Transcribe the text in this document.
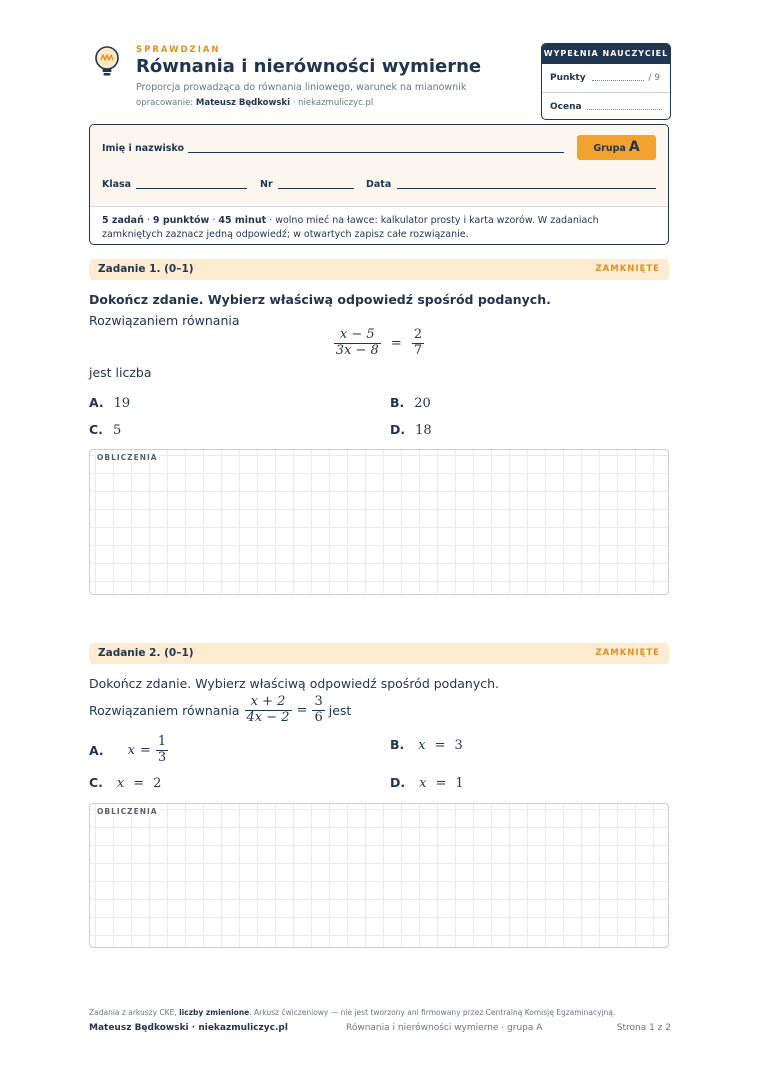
SPRAWDZIAN
Równania i nierówności wymierne
Proporcja prowadząca do równania liniowego, warunek na mianownik
opracowanie: Mateusz Będkowski · niekazmuliczyc.pl
WYPEŁNIA NAUCZYCIEL
Punkty	/ 9
Ocena
Imię i nazwisko	Grupa A
Klasa	Nr	Data
5 zadań · 9 punktów · 45 minut · wolno mieć na ławce: kalkulator prosty i karta wzorów. W zadaniach zamkniętych zaznacz jedną odpowiedź; w otwartych zapisz całe rozwiązanie.
Zadanie 1. (0–1)	ZAMKNIĘTE
Dokończ zdanie. Wybierz właściwą odpowiedź spośród podanych.
Rozwiązaniem równania
$\frac{x - 5}{3x - 8} = \frac{2}{7}$
jest liczba
A. 19	B. 20
C. 5	D. 18
OBLICZENIA
Zadanie 2. (0–1)	ZAMKNIĘTE
Dokończ zdanie. Wybierz właściwą odpowiedź spośród podanych.
Rozwiązaniem równania $\frac{x + 2}{4x - 2} = \frac{3}{6}$ jest
A. $x = \frac{1}{3}$	B. x = 3
C. x = 2	D. x = 1
OBLICZENIA
Zadania z arkuszy CKE, liczby zmienione. Arkusz ćwiczeniowy — nie jest tworzony ani firmowany przez Centralną Komisję Egzaminacyjną.
Mateusz Będkowski · niekazmuliczyc.pl	Równania i nierówności wymierne · grupa A	Strona 1 z 2
